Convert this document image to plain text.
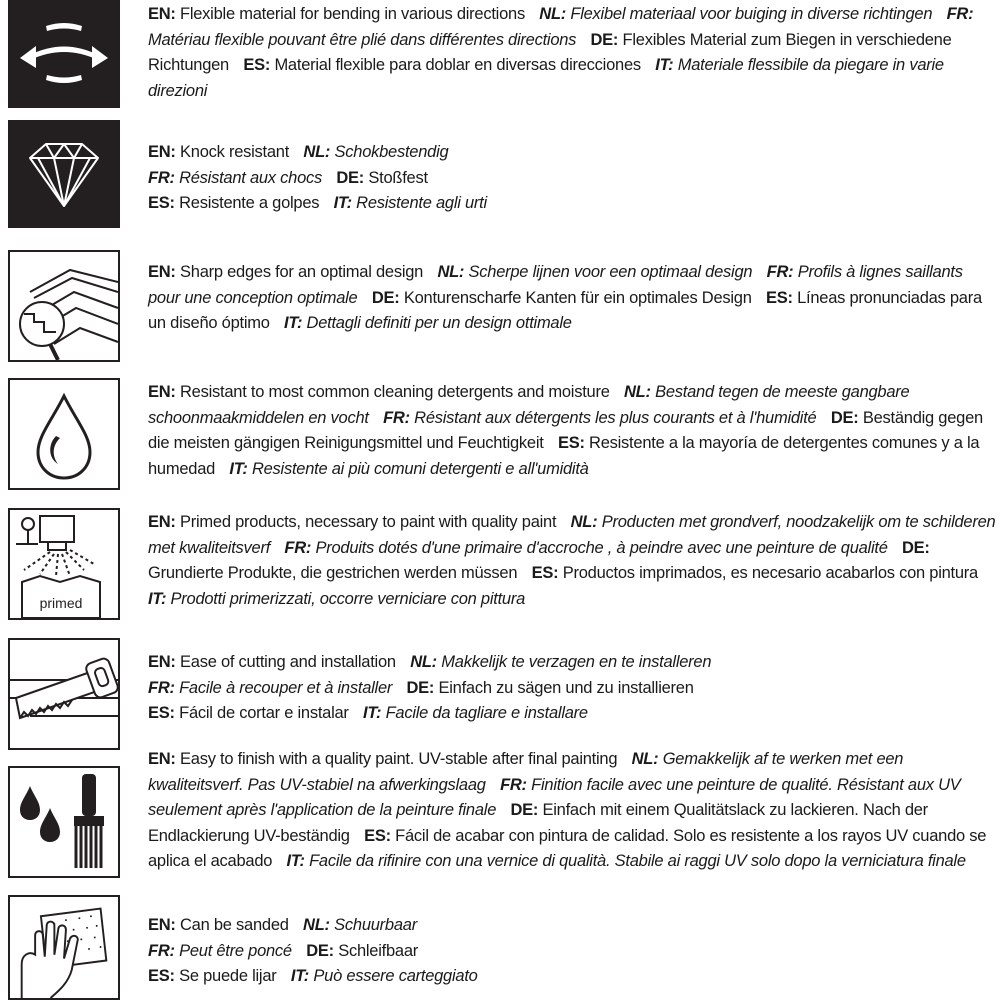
EN: Flexible material for bending in various directions NL: Flexibel materiaal voor buiging in diverse richtingen FR: Matériau flexible pouvant être plié dans différentes directions DE: Flexibles Material zum Biegen in verschiedene Richtungen ES: Material flexible para doblar en diversas direcciones IT: Materiale flessibile da piegare in varie direzioni
EN: Knock resistant NL: Schokbestendig
FR: Résistant aux chocs DE: Stoßfest
ES: Resistente a golpes IT: Resistente agli urti
EN: Sharp edges for an optimal design NL: Scherpe lijnen voor een optimaal design FR: Profils à lignes saillants pour une conception optimale DE: Konturenscharfe Kanten für ein optimales Design ES: Líneas pronunciadas para un diseño óptimo IT: Dettagli definiti per un design ottimale
EN: Resistant to most common cleaning detergents and moisture NL: Bestand tegen de meeste gangbare schoonmaakmiddelen en vocht FR: Résistant aux détergents les plus courants et à l'humidité DE: Beständig gegen die meisten gängigen Reinigungsmittel und Feuchtigkeit ES: Resistente a la mayoría de detergentes comunes y a la humedad IT: Resistente ai più comuni detergenti e all'umidità
primed
EN: Primed products, necessary to paint with quality paint NL: Producten met grondverf, noodzakelijk om te schilderen met kwaliteitsverf FR: Produits dotés d'une primaire d'accroche , à peindre avec une peinture de qualité DE: Grundierte Produkte, die gestrichen werden müssen ES: Productos imprimados, es necesario acabarlos con pintura IT: Prodotti primerizzati, occorre verniciare con pittura
EN: Ease of cutting and installation NL: Makkelijk te verzagen en te installeren
FR: Facile à recouper et à installer DE: Einfach zu sägen und zu installieren
ES: Fácil de cortar e instalar IT: Facile da tagliare e installare
EN: Easy to finish with a quality paint. UV-stable after final painting NL: Gemakkelijk af te werken met een kwaliteitsverf. Pas UV-stabiel na afwerkingslaag FR: Finition facile avec une peinture de qualité. Résistant aux UV seulement après l'application de la peinture finale DE: Einfach mit einem Qualitätslack zu lackieren. Nach der Endlackierung UV-beständig ES: Fácil de acabar con pintura de calidad. Solo es resistente a los rayos UV cuando se aplica el acabado IT: Facile da rifinire con una vernice di qualità. Stabile ai raggi UV solo dopo la verniciatura finale
EN: Can be sanded NL: Schuurbaar
FR: Peut être poncé DE: Schleifbaar
ES: Se puede lijar IT: Può essere carteggiato
